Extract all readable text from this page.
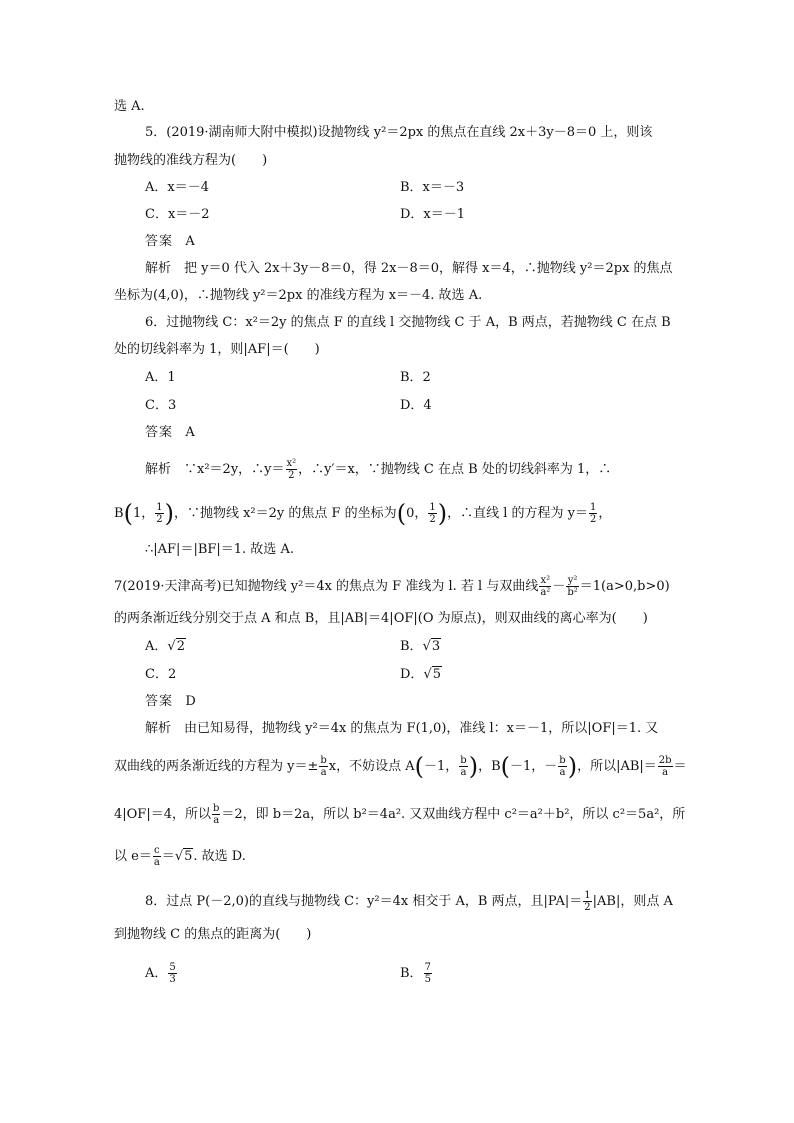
选 A.
5．(2019·湖南师大附中模拟)设抛物线 y²＝2px 的焦点在直线 2x＋3y－8＝0 上，则该
抛物线的准线方程为(　　)
A．x＝－4	B．x＝－3
C．x＝－2	D．x＝－1
答案 A
解析　把 y＝0 代入 2x＋3y－8＝0，得 2x－8＝0，解得 x＝4，∴抛物线 y²＝2px 的焦点
坐标为(4,0)，∴抛物线 y²＝2px 的准线方程为 x＝－4. 故选 A.
6．过抛物线 C：x²＝2y 的焦点 F 的直线 l 交抛物线 C 于 A，B 两点，若抛物线 C 在点 B
处的切线斜率为 1，则|AF|＝(　　)
A．1	B．2
C．3	D．4
答案 A
解析　∵x²＝2y，∴y＝ $\frac{\text{x²}}{2}$ ，∴y′＝x，∵抛物线 C 在点 B 处的切线斜率为 1，∴
B(1， $\frac{1}{2}$ )，∵抛物线 x²＝2y 的焦点 F 的坐标为(0， $\frac{1}{2}$ )，∴直线 l 的方程为 $y= \frac{1}{2}$ ，
∴|AF|＝|BF|＝1. 故选 A.
7(2019·天津高考)已知抛物线 y²＝4x 的焦点为 F 准线为 l. 若 l 与双曲线 $\frac{\text{x²}}{\text{a²}} - \frac{\text{y²}}{\text{b²}} =1(a>0,b>0)$
的两条渐近线分别交于点 A 和点 B，且|AB|＝4|OF|(O 为原点)，则双曲线的离心率为(　　)
A．√2	B．√3
C．2	D．√5
答案 D
解析　由已知易得，抛物线 y²＝4x 的焦点为 F(1,0)，准线 l：x＝－1，所以|OF|＝1. 又
双曲线的两条渐近线的方程为 $y=\pm \frac{b}{a}$ x，不妨设点 A(－1， $\frac{b}{a}$ )，B(－1，－ $\frac{b}{a}$ )，所以$|AB|= \frac{2b}{a}$ ＝
4|OF|＝4，所以 $\frac{b}{a} =2$，即 b＝2a，所以 b²＝4a². 又双曲线方程中 c²＝a²＋b²，所以 c²＝5a²，所
以 $e= \frac{c}{a} =√5$. 故选 D.
8．过点 P(－2,0)的直线与抛物线 C：y²＝4x 相交于 A，B 两点，且$|PA|= \frac{1}{2} |AB|$，则点 A
到抛物线 C 的焦点的距离为(　　)
A． $\frac{5}{3}$	B． $\frac{7}{5}$
